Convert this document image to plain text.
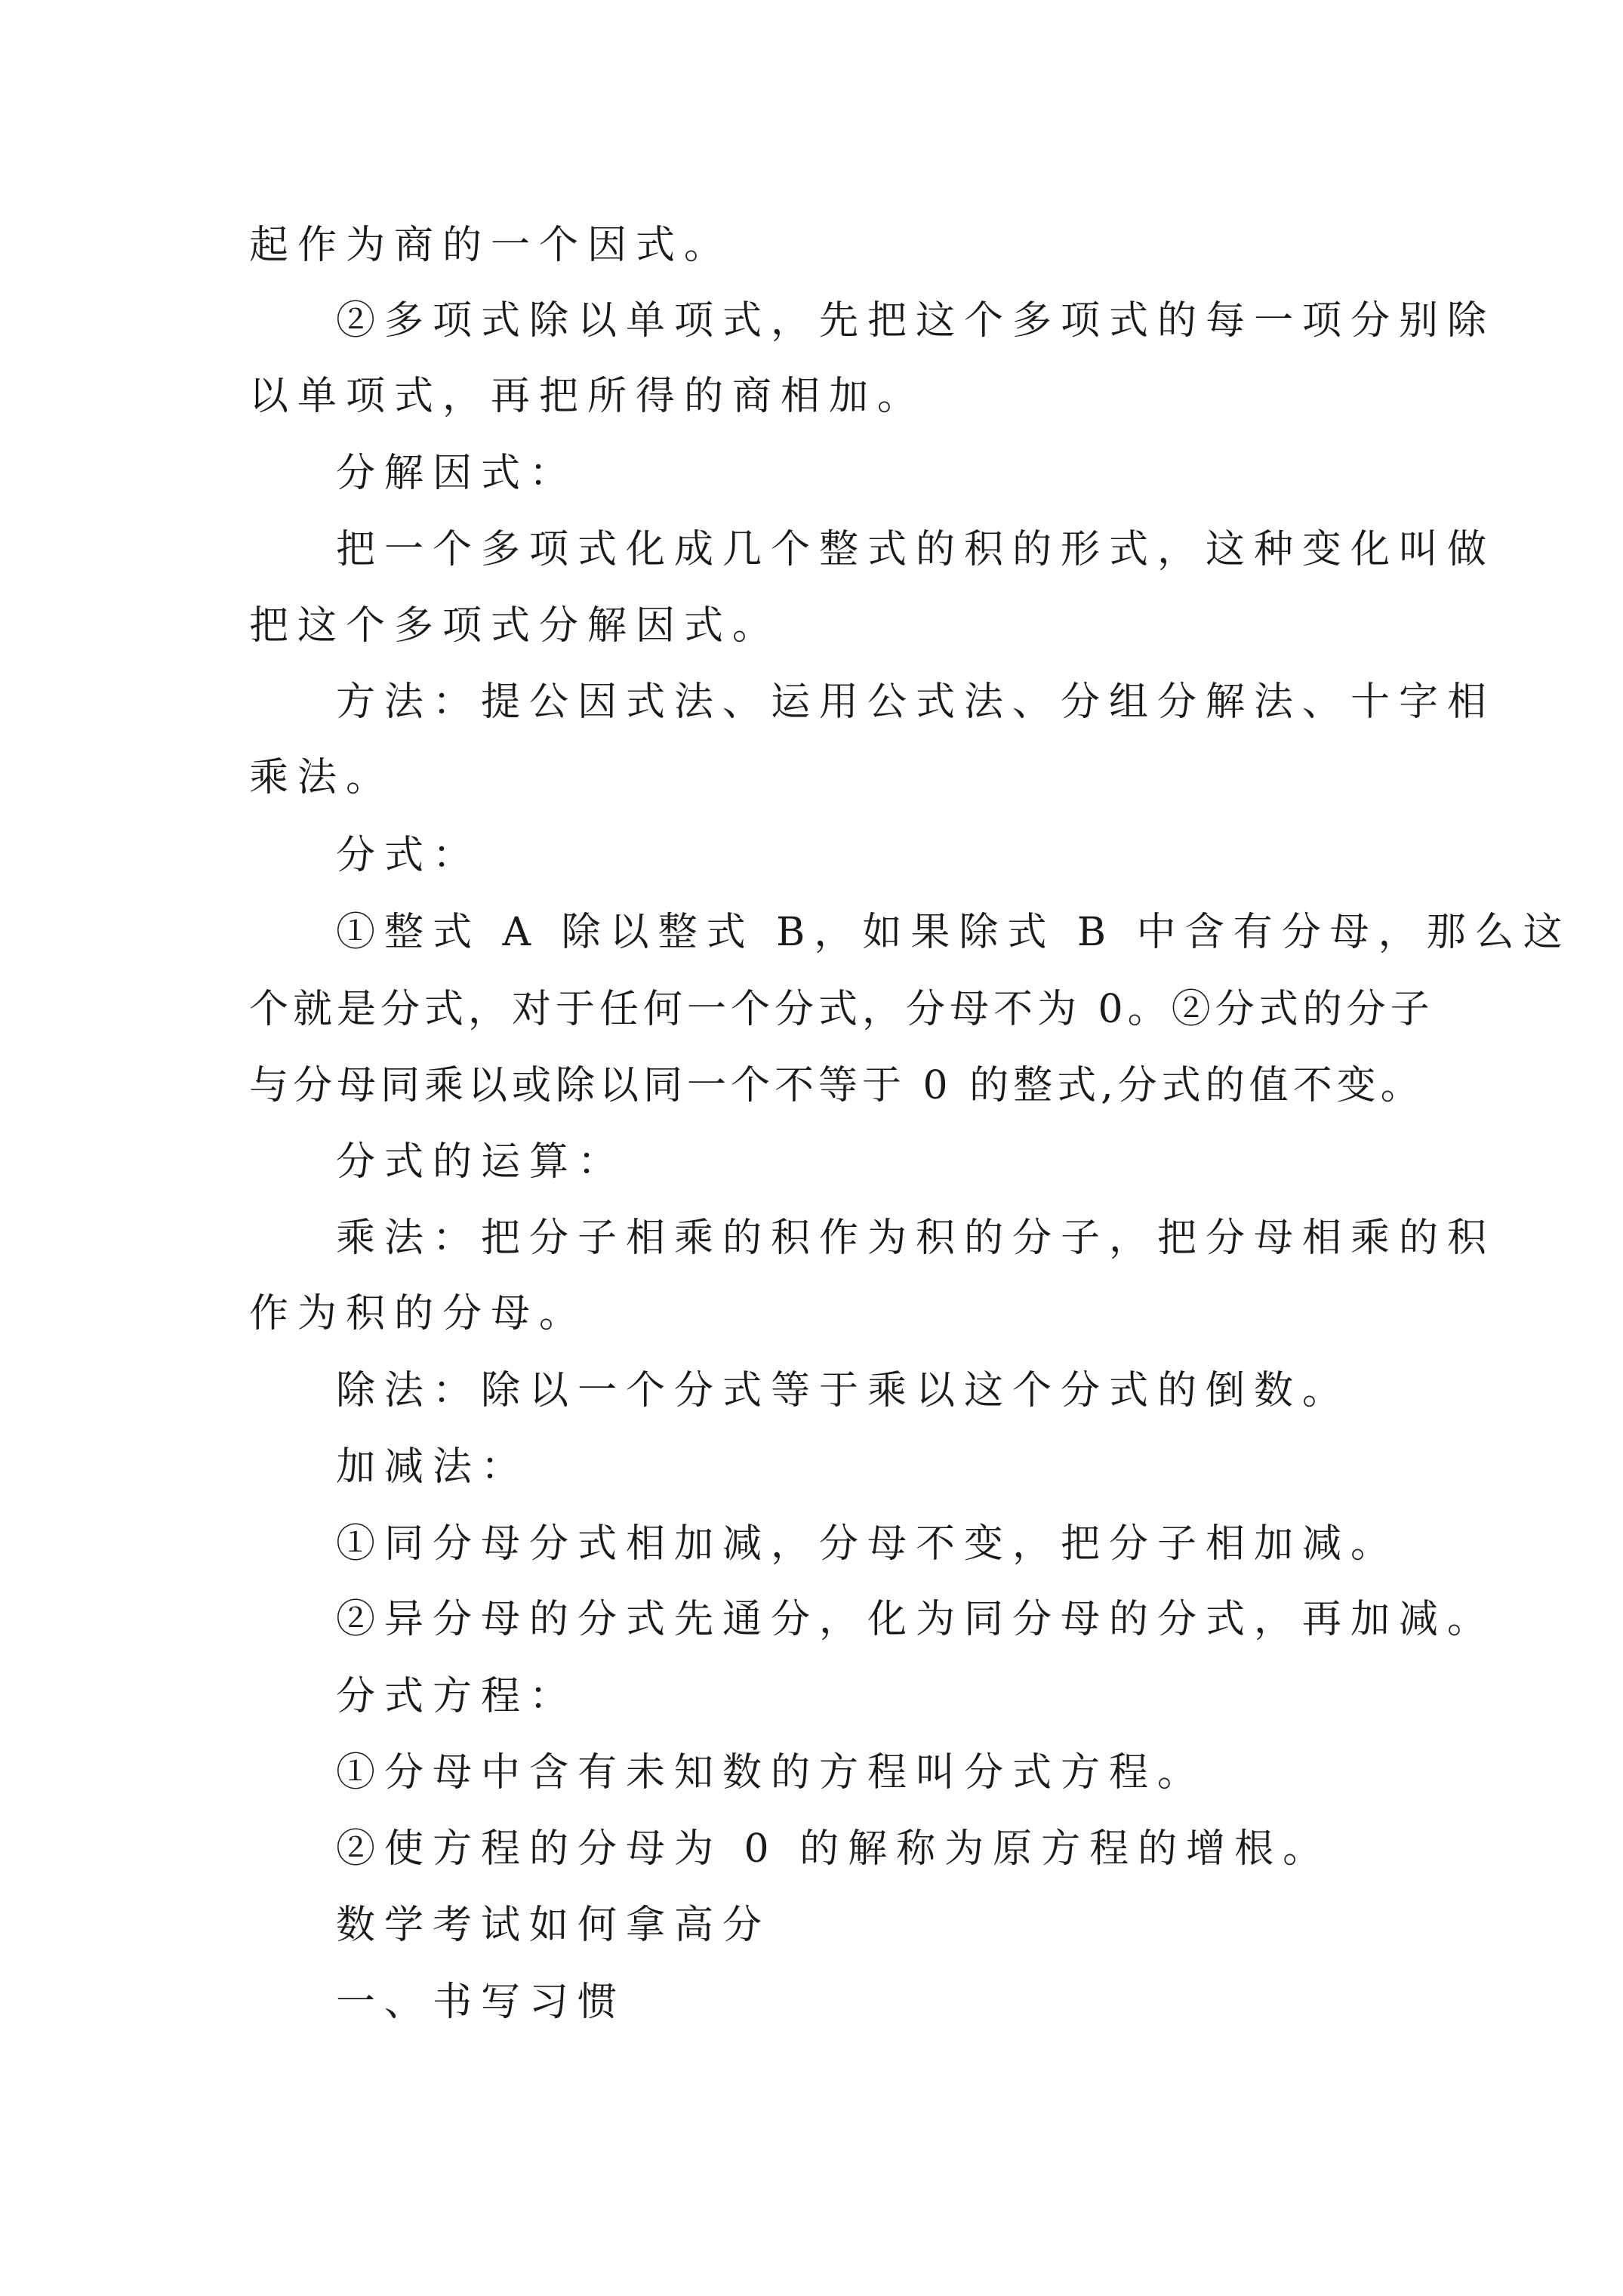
起作为商的一个因式。
②多项式除以单项式，先把这个多项式的每一项分别除
以单项式，再把所得的商相加。
分解因式：
把一个多项式化成几个整式的积的形式，这种变化叫做
把这个多项式分解因式。
方法：提公因式法、运用公式法、分组分解法、十字相
乘法。
分式：
①整式 A 除以整式 B，如果除式 B 中含有分母，那么这
个就是分式，对于任何一个分式，分母不为 0。②分式的分子
与分母同乘以或除以同一个不等于 0 的整式,分式的值不变。
分式的运算：
乘法：把分子相乘的积作为积的分子，把分母相乘的积
作为积的分母。
除法：除以一个分式等于乘以这个分式的倒数。
加减法：
①同分母分式相加减，分母不变，把分子相加减。
②异分母的分式先通分，化为同分母的分式，再加减。
分式方程：
①分母中含有未知数的方程叫分式方程。
②使方程的分母为 0 的解称为原方程的增根。
数学考试如何拿高分
一、书写习惯
